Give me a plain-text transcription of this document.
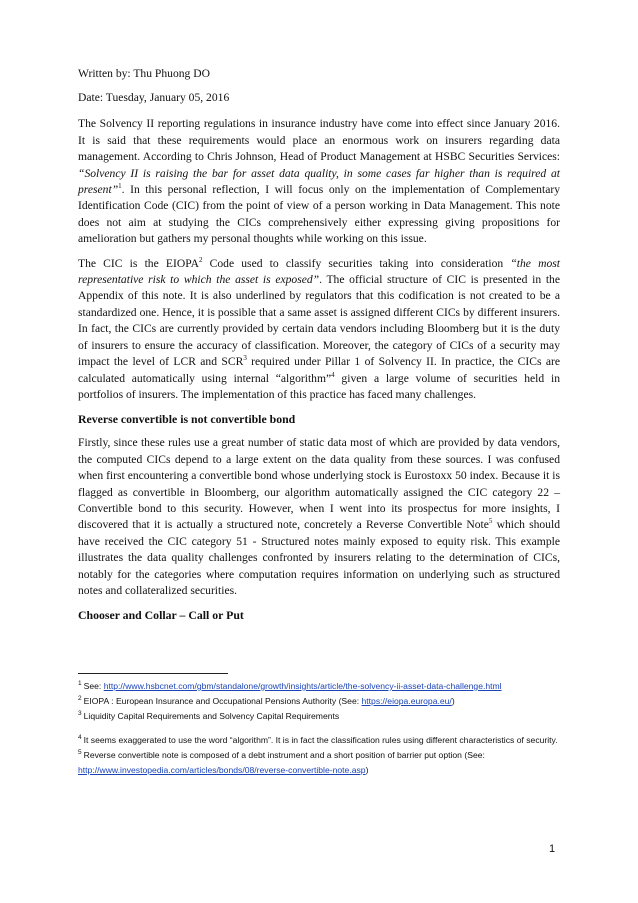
Written by: Thu Phuong DO

Date: Tuesday, January 05, 2016

The Solvency II reporting regulations in insurance industry have come into effect since January 2016. It is said that these requirements would place an enormous work on insurers regarding data management. According to Chris Johnson, Head of Product Management at HSBC Securities Services: “Solvency II is raising the bar for asset data quality, in some cases far higher than is required at present”$^1$. In this personal reflection, I will focus only on the implementation of Complementary Identification Code (CIC) from the point of view of a person working in Data Management. This note does not aim at studying the CICs comprehensively either expressing giving propositions for amelioration but gathers my personal thoughts while working on this issue.

The CIC is the EIOPA$^2$ Code used to classify securities taking into consideration “the most representative risk to which the asset is exposed”. The official structure of CIC is presented in the Appendix of this note. It is also underlined by regulators that this codification is not created to be a standardized one. Hence, it is possible that a same asset is assigned different CICs by different insurers. In fact, the CICs are currently provided by certain data vendors including Bloomberg but it is the duty of insurers to ensure the accuracy of classification. Moreover, the category of CICs of a security may impact the level of LCR and SCR$^3$ required under Pillar 1 of Solvency II. In practice, the CICs are calculated automatically using internal “algorithm”$^4$ given a large volume of securities held in portfolios of insurers. The implementation of this practice has faced many challenges.

Reverse convertible is not convertible bond

Firstly, since these rules use a great number of static data most of which are provided by data vendors, the computed CICs depend to a large extent on the data quality from these sources. I was confused when first encountering a convertible bond whose underlying stock is Eurostoxx 50 index. Because it is flagged as convertible in Bloomberg, our algorithm automatically assigned the CIC category 22 – Convertible bond to this security. However, when I went into its prospectus for more insights, I discovered that it is actually a structured note, concretely a Reverse Convertible Note$^5$ which should have received the CIC category 51 - Structured notes mainly exposed to equity risk. This example illustrates the data quality challenges confronted by insurers relating to the determination of CICs, notably for the categories where computation requires information on underlying such as structured notes and collateralized securities.

Chooser and Collar – Call or Put

$^1$ See: http://www.hsbcnet.com/gbm/standalone/growth/insights/article/the-solvency-ii-asset-data-challenge.html

$^2$ EIOPA : European Insurance and Occupational Pensions Authority (See: https://eiopa.europa.eu/)

$^3$ Liquidity Capital Requirements and Solvency Capital Requirements

$^4$ It seems exaggerated to use the word “algorithm”. It is in fact the classification rules using different characteristics of security.

$^5$ Reverse convertible note is composed of a debt instrument and a short position of barrier put option (See: http://www.investopedia.com/articles/bonds/08/reverse-convertible-note.asp)

1
